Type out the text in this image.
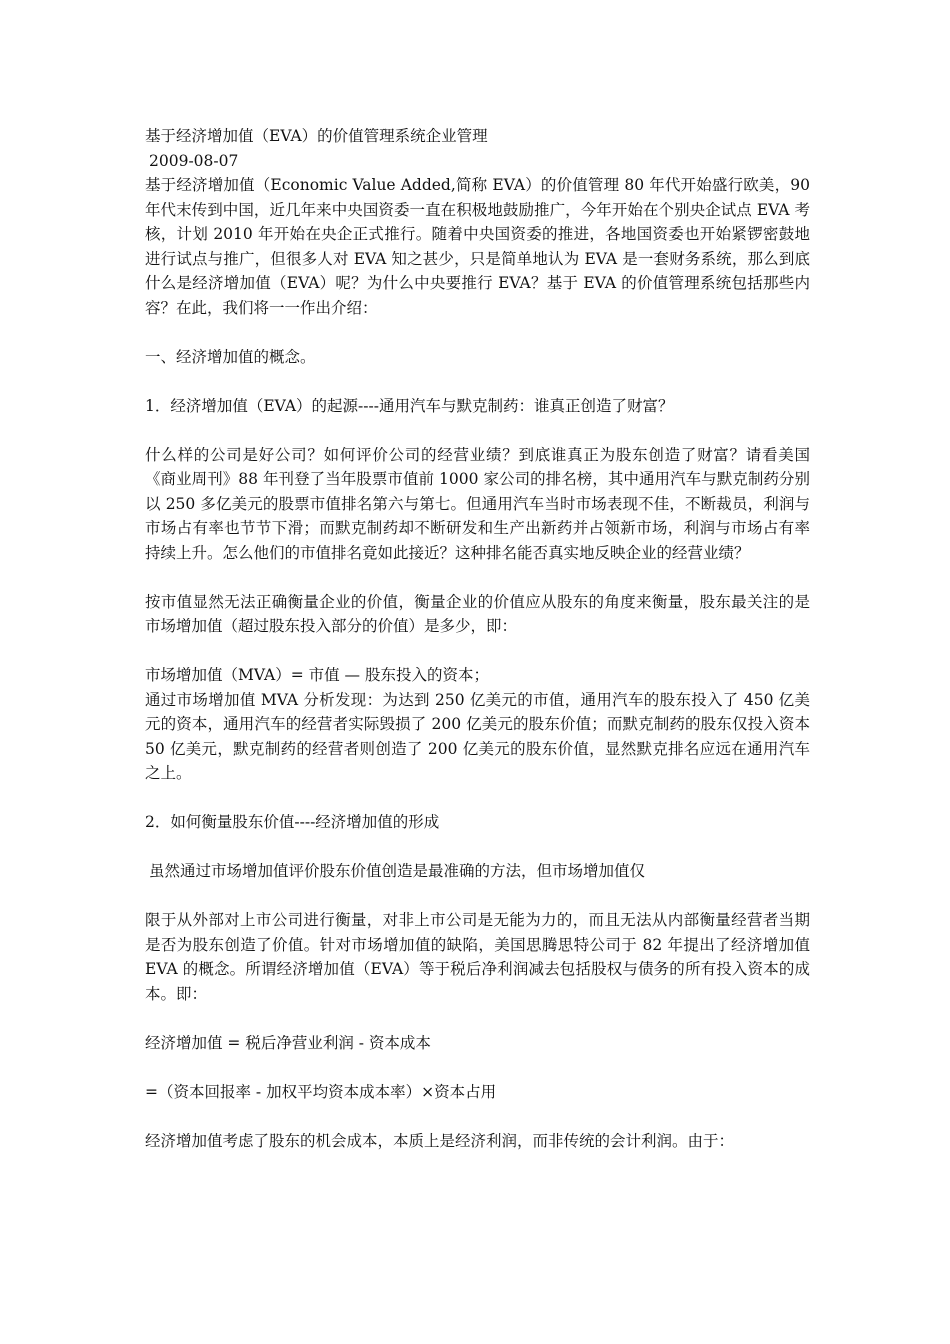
基于经济增加值（EVA）的价值管理系统企业管理

2009-08-07

基于经济增加值（Economic Value Added,简称 EVA）的价值管理 80 年代开始盛行欧美，90 年代末传到中国，近几年来中央国资委一直在积极地鼓励推广，今年开始在个别央企试点 EVA 考核，计划 2010 年开始在央企正式推行。随着中央国资委的推进，各地国资委也开始紧锣密鼓地进行试点与推广，但很多人对 EVA 知之甚少，只是简单地认为 EVA 是一套财务系统，那么到底什么是经济增加值（EVA）呢？为什么中央要推行 EVA？基于 EVA 的价值管理系统包括那些内容？在此，我们将一一作出介绍：

一、经济增加值的概念。

1．经济增加值（EVA）的起源----通用汽车与默克制药：谁真正创造了财富？

什么样的公司是好公司？如何评价公司的经营业绩？到底谁真正为股东创造了财富？请看美国《商业周刊》88 年刊登了当年股票市值前 1000 家公司的排名榜，其中通用汽车与默克制药分别以 250 多亿美元的股票市值排名第六与第七。但通用汽车当时市场表现不佳，不断裁员，利润与市场占有率也节节下滑；而默克制药却不断研发和生产出新药并占领新市场，利润与市场占有率持续上升。怎么他们的市值排名竟如此接近？这种排名能否真实地反映企业的经营业绩？

按市值显然无法正确衡量企业的价值，衡量企业的价值应从股东的角度来衡量，股东最关注的是市场增加值（超过股东投入部分的价值）是多少，即：

市场增加值（MVA）= 市值 — 股东投入的资本；

通过市场增加值 MVA 分析发现：为达到 250 亿美元的市值，通用汽车的股东投入了 450 亿美元的资本，通用汽车的经营者实际毁损了 200 亿美元的股东价值；而默克制药的股东仅投入资本 50 亿美元，默克制药的经营者则创造了 200 亿美元的股东价值，显然默克排名应远在通用汽车之上。

2．如何衡量股东价值----经济增加值的形成

虽然通过市场增加值评价股东价值创造是最准确的方法，但市场增加值仅

限于从外部对上市公司进行衡量，对非上市公司是无能为力的，而且无法从内部衡量经营者当期是否为股东创造了价值。针对市场增加值的缺陷，美国思腾思特公司于 82 年提出了经济增加值 EVA 的概念。所谓经济增加值（EVA）等于税后净利润减去包括股权与债务的所有投入资本的成本。即：

经济增加值 = 税后净营业利润 - 资本成本

=（资本回报率 - 加权平均资本成本率）×资本占用

经济增加值考虑了股东的机会成本，本质上是经济利润，而非传统的会计利润。由于：
